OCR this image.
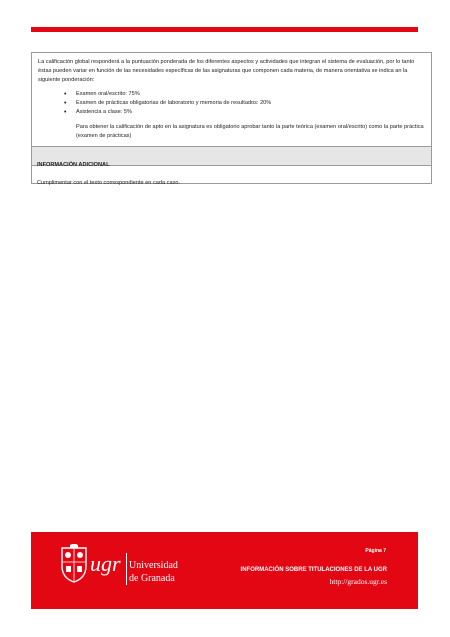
La calificación global responderá a la puntuación ponderada de los diferentes aspectos y actividades que integran el sistema de evaluación, por lo tanto éstas pueden variar en función de las necesidades específicas de las asignaturas que componen cada materia, de manera orientativa se indica an la siguiente ponderación:

• Examen oral/escrito: 75%
• Examen de prácticas obligatorias de laboratorio y memoria de resultados: 20%
• Asistencia a clase: 5%

Para obtener la calificación de apto en la asignatura es obligatorio aprobar tanto la parte teórica (examen oral/escrito) como la parte práctica (examen de prácticas)

INFORMACIÓN ADICIONAL
Cumplimentar con el texto correspondiente en cada caso.
ugr Universidad
de Granada
Página 7
INFORMACIÓN SOBRE TITULACIONES DE LA UGR
http://grados.ugr.es
